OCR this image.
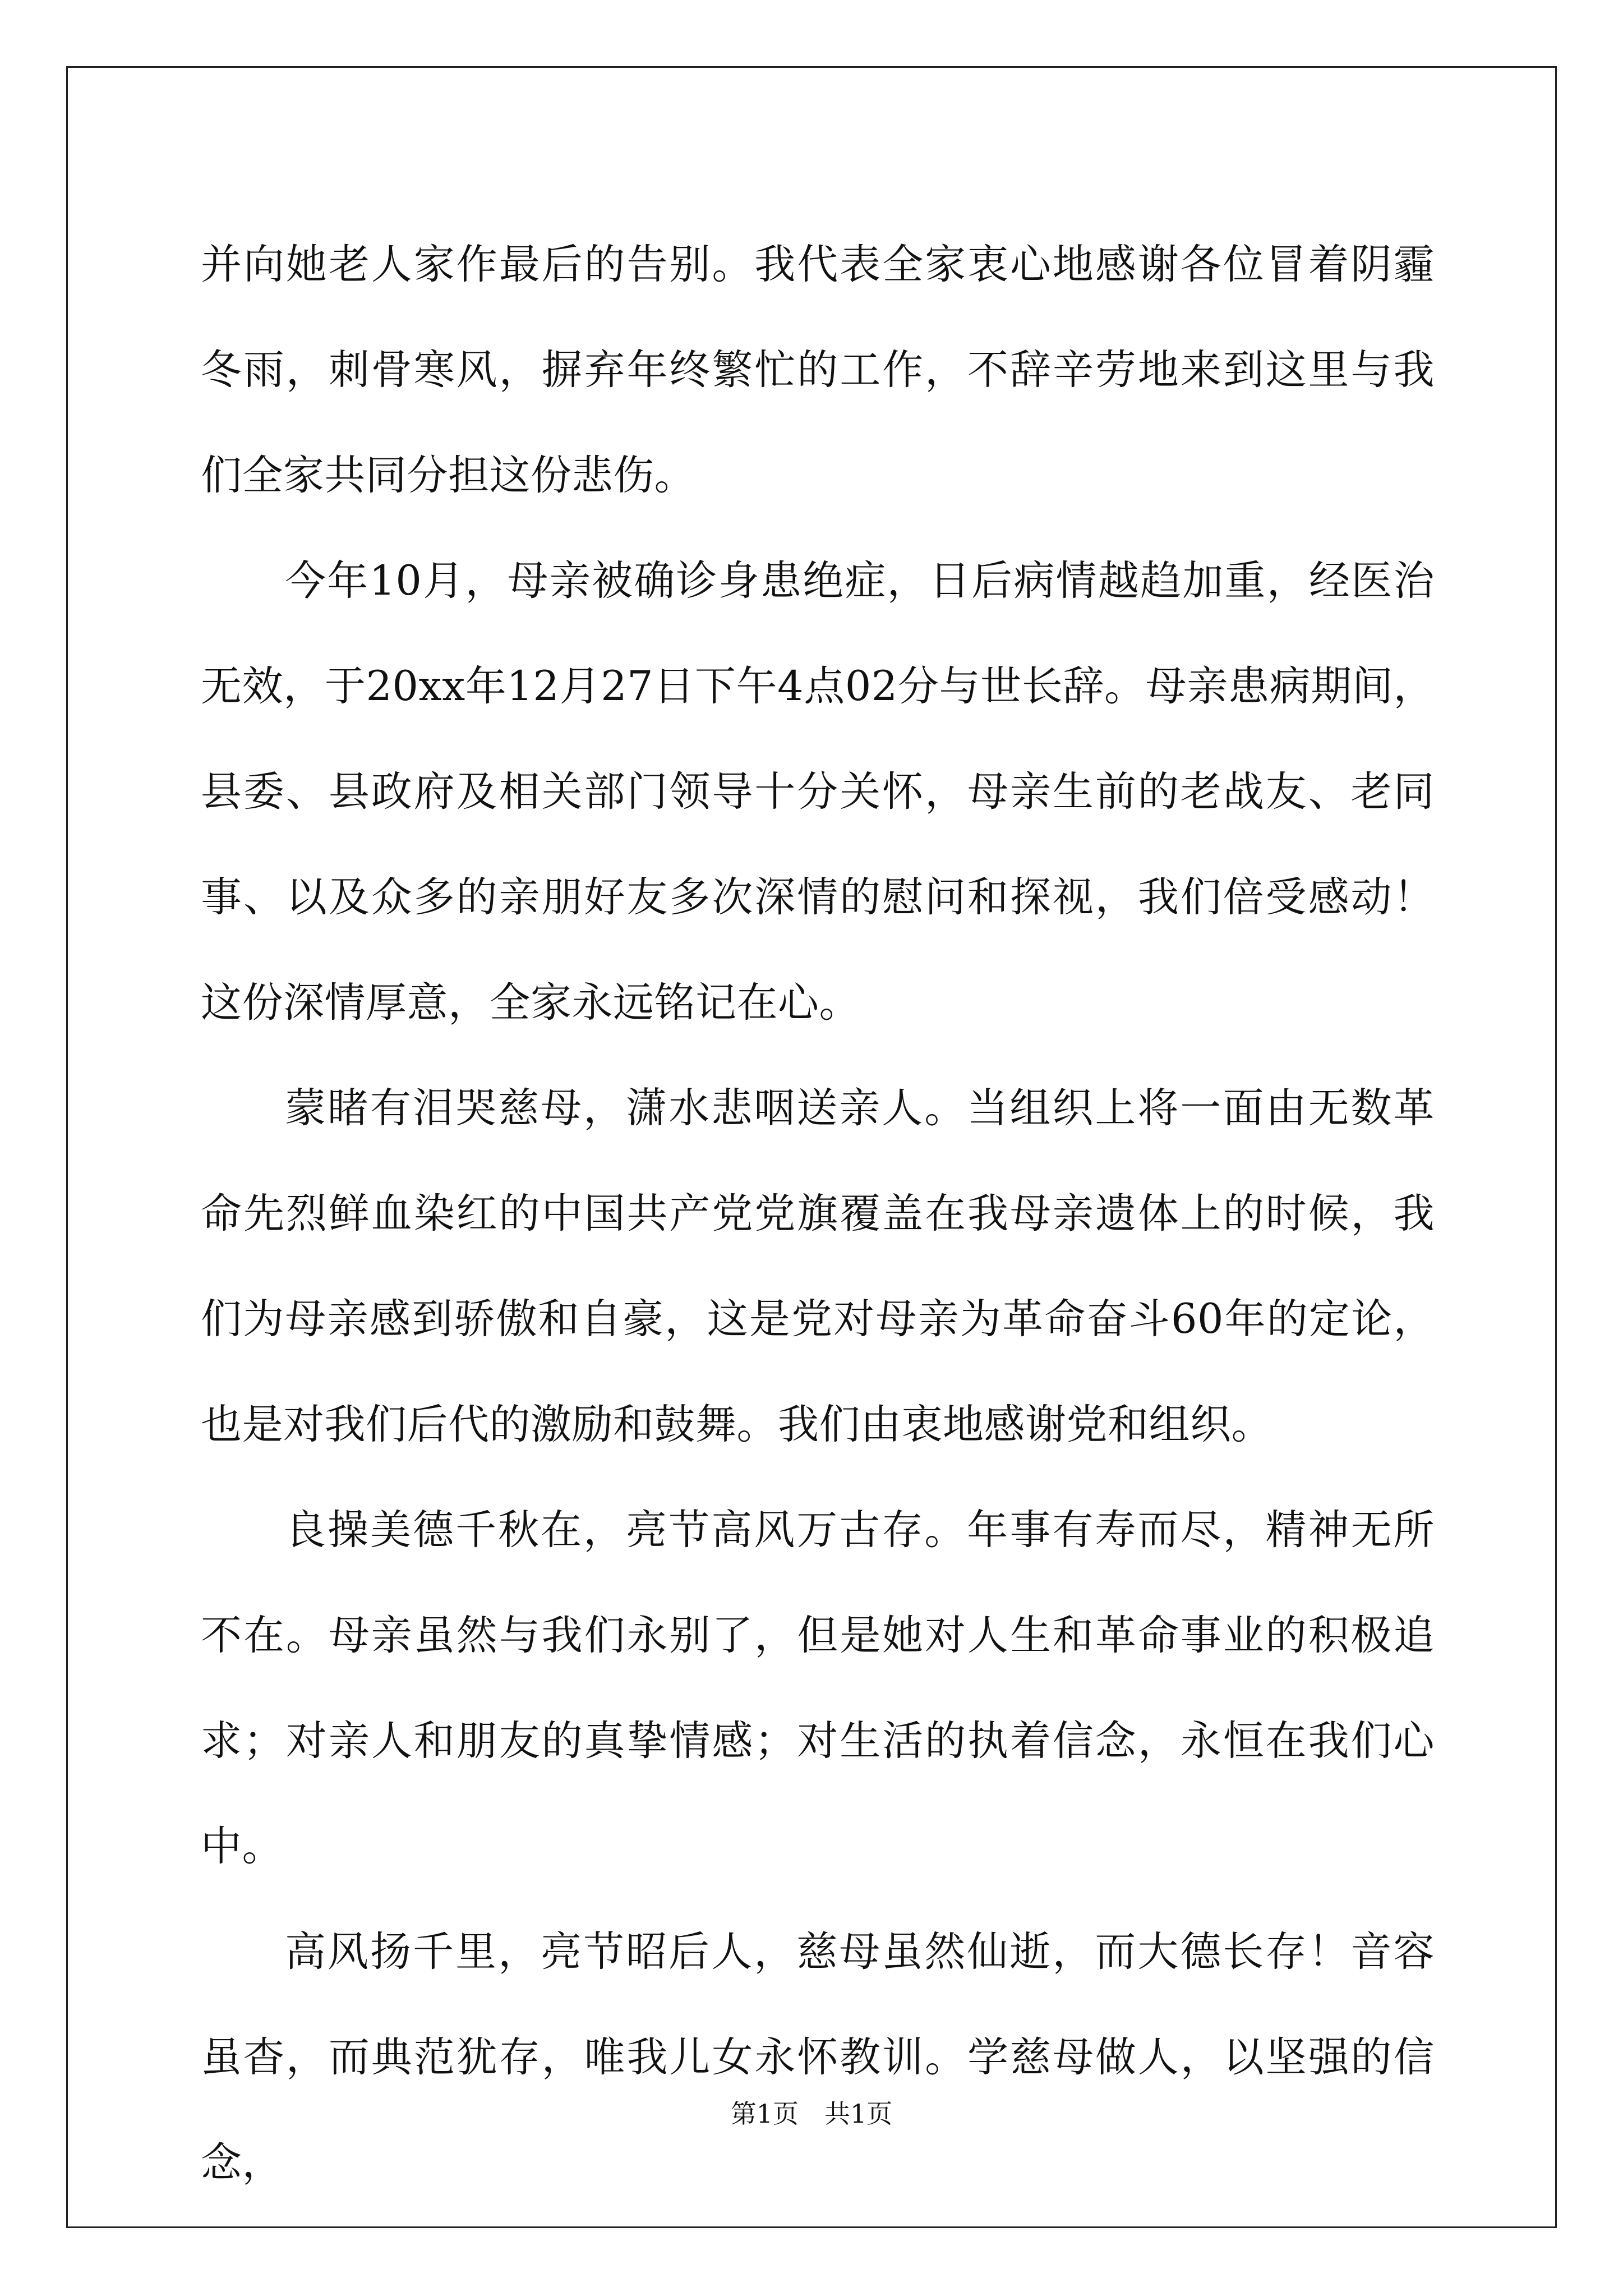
并向她老人家作最后的告别。我代表全家衷心地感谢各位冒着阴霾冬雨，刺骨寒风，摒弃年终繁忙的工作，不辞辛劳地来到这里与我们全家共同分担这份悲伤。

今年10月，母亲被确诊身患绝症，日后病情越趋加重，经医治无效，于20xx年12月27日下午4点02分与世长辞。母亲患病期间，县委、县政府及相关部门领导十分关怀，母亲生前的老战友、老同事、以及众多的亲朋好友多次深情的慰问和探视，我们倍受感动！这份深情厚意，全家永远铭记在心。

蒙睹有泪哭慈母，潇水悲咽送亲人。当组织上将一面由无数革命先烈鲜血染红的中国共产党党旗覆盖在我母亲遗体上的时候，我们为母亲感到骄傲和自豪，这是党对母亲为革命奋斗60年的定论，也是对我们后代的激励和鼓舞。我们由衷地感谢党和组织。

良操美德千秋在，亮节高风万古存。年事有寿而尽，精神无所不在。母亲虽然与我们永别了，但是她对人生和革命事业的积极追求；对亲人和朋友的真挚情感；对生活的执着信念，永恒在我们心中。

高风扬千里，亮节昭后人，慈母虽然仙逝，而大德长存！音容虽杳，而典范犹存，唯我儿女永怀教训。学慈母做人，以坚强的信念，

第1页　共1页
